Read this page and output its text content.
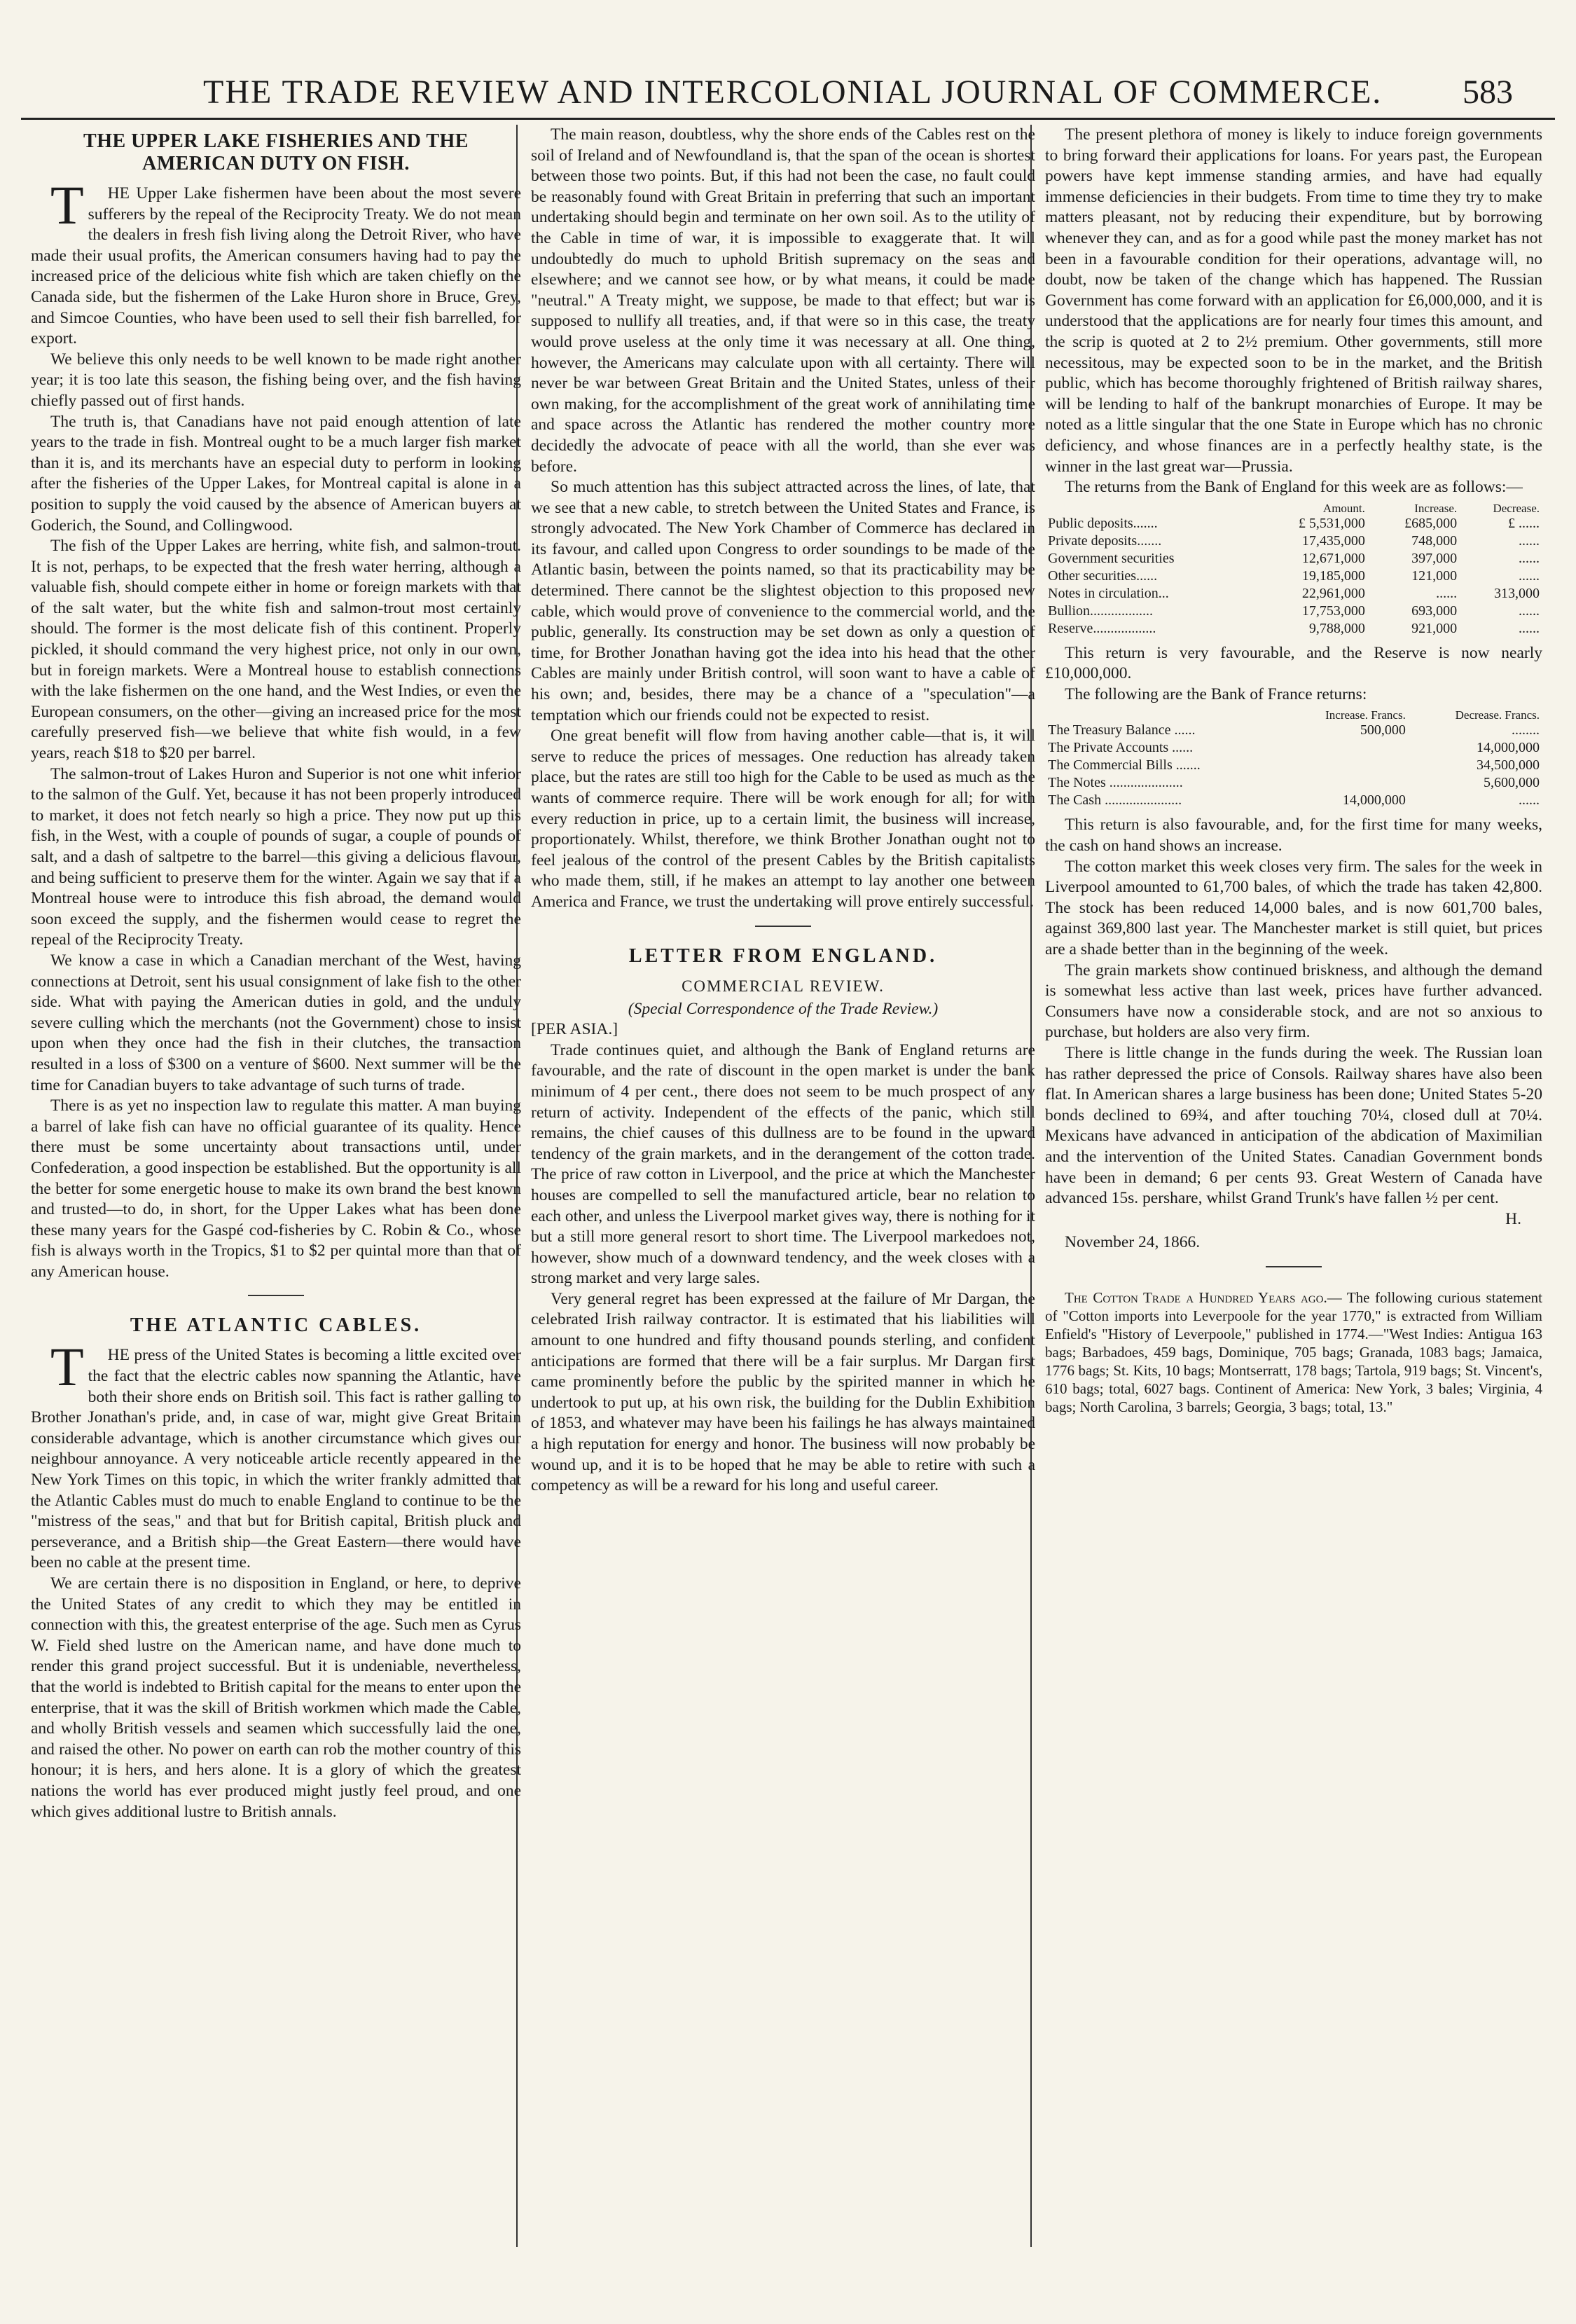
THE TRADE REVIEW AND INTERCOLONIAL JOURNAL OF COMMERCE. 583
THE UPPER LAKE FISHERIES AND THE AMERICAN DUTY ON FISH.

THE Upper Lake fishermen have been about the most severe sufferers by the repeal of the Reciprocity Treaty. We do not mean the dealers in fresh fish living along the Detroit River, who have made their usual profits, the American consumers having had to pay the increased price of the delicious white fish which are taken chiefly on the Canada side, but the fishermen of the Lake Huron shore in Bruce, Grey, and Simcoe Counties, who have been used to sell their fish barrelled, for export.

We believe this only needs to be well known to be made right another year; it is too late this season, the fishing being over, and the fish having chiefly passed out of first hands.

The truth is, that Canadians have not paid enough attention of late years to the trade in fish. Montreal ought to be a much larger fish market than it is, and its merchants have an especial duty to perform in looking after the fisheries of the Upper Lakes, for Montreal capital is alone in a position to supply the void caused by the absence of American buyers at Goderich, the Sound, and Collingwood.

The fish of the Upper Lakes are herring, white fish, and salmon-trout. It is not, perhaps, to be expected that the fresh water herring, although a valuable fish, should compete either in home or foreign markets with that of the salt water, but the white fish and salmon-trout most certainly should. The former is the most delicate fish of this continent. Properly pickled, it should command the very highest price, not only in our own, but in foreign markets. Were a Montreal house to establish connections with the lake fishermen on the one hand, and the West Indies, or even the European consumers, on the other—giving an increased price for the most carefully preserved fish—we believe that white fish would, in a few years, reach $18 to $20 per barrel.

The salmon-trout of Lakes Huron and Superior is not one whit inferior to the salmon of the Gulf. Yet, because it has not been properly introduced to market, it does not fetch nearly so high a price. They now put up this fish, in the West, with a couple of pounds of sugar, a couple of pounds of salt, and a dash of saltpetre to the barrel—this giving a delicious flavour, and being sufficient to preserve them for the winter. Again we say that if a Montreal house were to introduce this fish abroad, the demand would soon exceed the supply, and the fishermen would cease to regret the repeal of the Reciprocity Treaty.

We know a case in which a Canadian merchant of the West, having connections at Detroit, sent his usual consignment of lake fish to the other side. What with paying the American duties in gold, and the unduly severe culling which the merchants (not the Government) chose to insist upon when they once had the fish in their clutches, the transaction resulted in a loss of $300 on a venture of $600. Next summer will be the time for Canadian buyers to take advantage of such turns of trade.

There is as yet no inspection law to regulate this matter. A man buying a barrel of lake fish can have no official guarantee of its quality. Hence there must be some uncertainty about transactions until, under Confederation, a good inspection be established. But the opportunity is all the better for some energetic house to make its own brand the best known and trusted—to do, in short, for the Upper Lakes what has been done these many years for the Gaspé cod-fisheries by C. Robin & Co., whose fish is always worth in the Tropics, $1 to $2 per quintal more than that of any American house.

THE ATLANTIC CABLES.

THE press of the United States is becoming a little excited over the fact that the electric cables now spanning the Atlantic, have both their shore ends on British soil. This fact is rather galling to Brother Jonathan's pride, and, in case of war, might give Great Britain considerable advantage, which is another circumstance which gives our neighbour annoyance. A very noticeable article recently appeared in the New York Times on this topic, in which the writer frankly admitted that the Atlantic Cables must do much to enable England to continue to be the "mistress of the seas," and that but for British capital, British pluck and perseverance, and a British ship—the Great Eastern—there would have been no cable at the present time.

We are certain there is no disposition in England, or here, to deprive the United States of any credit to which they may be entitled in connection with this, the greatest enterprise of the age. Such men as Cyrus W. Field shed lustre on the American name, and have done much to render this grand project successful. But it is undeniable, nevertheless, that the world is indebted to British capital for the means to enter upon the enterprise, that it was the skill of British workmen which made the Cable, and wholly British vessels and seamen which successfully laid the one, and raised the other. No power on earth can rob the mother country of this honour; it is hers, and hers alone. It is a glory of which the greatest nations the world has ever produced might justly feel proud, and one which gives additional lustre to British annals.

The main reason, doubtless, why the shore ends of the Cables rest on the soil of Ireland and of Newfoundland is, that the span of the ocean is shortest between those two points. But, if this had not been the case, no fault could be reasonably found with Great Britain in preferring that such an important undertaking should begin and terminate on her own soil. As to the utility of the Cable in time of war, it is impossible to exaggerate that. It will undoubtedly do much to uphold British supremacy on the seas and elsewhere; and we cannot see how, or by what means, it could be made "neutral." A Treaty might, we suppose, be made to that effect; but war is supposed to nullify all treaties, and, if that were so in this case, the treaty would prove useless at the only time it was necessary at all. One thing, however, the Americans may calculate upon with all certainty. There will never be war between Great Britain and the United States, unless of their own making, for the accomplishment of the great work of annihilating time and space across the Atlantic has rendered the mother country more decidedly the advocate of peace with all the world, than she ever was before.

So much attention has this subject attracted across the lines, of late, that we see that a new cable, to stretch between the United States and France, is strongly advocated. The New York Chamber of Commerce has declared in its favour, and called upon Congress to order soundings to be made of the Atlantic basin, between the points named, so that its practicability may be determined. There cannot be the slightest objection to this proposed new cable, which would prove of convenience to the commercial world, and the public, generally. Its construction may be set down as only a question of time, for Brother Jonathan having got the idea into his head that the other Cables are mainly under British control, will soon want to have a cable of his own; and, besides, there may be a chance of a "speculation"—a temptation which our friends could not be expected to resist.

One great benefit will flow from having another cable—that is, it will serve to reduce the prices of messages. One reduction has already taken place, but the rates are still too high for the Cable to be used as much as the wants of commerce require. There will be work enough for all; for with every reduction in price, up to a certain limit, the business will increase, proportionately. Whilst, therefore, we think Brother Jonathan ought not to feel jealous of the control of the present Cables by the British capitalists who made them, still, if he makes an attempt to lay another one between America and France, we trust the undertaking will prove entirely successful.

LETTER FROM ENGLAND.
COMMERCIAL REVIEW.

(Special Correspondence of the Trade Review.)

[PER ASIA.]

Trade continues quiet, and although the Bank of England returns are favourable, and the rate of discount in the open market is under the bank minimum of 4 per cent., there does not seem to be much prospect of any return of activity. Independent of the effects of the panic, which still remains, the chief causes of this dullness are to be found in the upward tendency of the grain markets, and in the derangement of the cotton trade. The price of raw cotton in Liverpool, and the price at which the Manchester houses are compelled to sell the manufactured article, bear no relation to each other, and unless the Liverpool market gives way, there is nothing for it but a still more general resort to short time. The Liverpool markedoes not, however, show much of a downward tendency, and the week closes with a strong market and very large sales.

Very general regret has been expressed at the failure of Mr Dargan, the celebrated Irish railway contractor. It is estimated that his liabilities will amount to one hundred and fifty thousand pounds sterling, and confident anticipations are formed that there will be a fair surplus. Mr Dargan first came prominently before the public by the spirited manner in which he undertook to put up, at his own risk, the building for the Dublin Exhibition of 1853, and whatever may have been his failings he has always maintained a high reputation for energy and honor. The business will now probably be wound up, and it is to be hoped that he may be able to retire with such a competency as will be a reward for his long and useful career.

The present plethora of money is likely to induce foreign governments to bring forward their applications for loans. For years past, the European powers have kept immense standing armies, and have had equally immense deficiencies in their budgets. From time to time they try to make matters pleasant, not by reducing their expenditure, but by borrowing whenever they can, and as for a good while past the money market has not been in a favourable condition for their operations, advantage will, no doubt, now be taken of the change which has happened. The Russian Government has come forward with an application for £6,000,000, and it is understood that the applications are for nearly four times this amount, and the scrip is quoted at 2 to 2½ premium. Other governments, still more necessitous, may be expected soon to be in the market, and the British public, which has become thoroughly frightened of British railway shares, will be lending to half of the bankrupt monarchies of Europe. It may be noted as a little singular that the one State in Europe which has no chronic deficiency, and whose finances are in a perfectly healthy state, is the winner in the last great war—Prussia.

The returns from the Bank of England for this week are as follows:—

	Amount.	Increase.	Decrease.
Public deposits.......	£ 5,531,000	£685,000	£ ......
Private deposits.......	17,435,000	748,000	......
Government securities	12,671,000	397,000	......
Other securities......	19,185,000	121,000	......
Notes in circulation...	22,961,000	......	313,000
Bullion..................	17,753,000	693,000	......
Reserve..................	9,788,000	921,000	......

This return is very favourable, and the Reserve is now nearly £10,000,000.

The following are the Bank of France returns:

	Increase. Francs.	Decrease. Francs.
The Treasury Balance ......	500,000	........
The Private Accounts ......		14,000,000
The Commercial Bills .......		34,500,000
The Notes .....................		5,600,000
The Cash ......................	14,000,000	......

This return is also favourable, and, for the first time for many weeks, the cash on hand shows an increase.

The cotton market this week closes very firm. The sales for the week in Liverpool amounted to 61,700 bales, of which the trade has taken 42,800. The stock has been reduced 14,000 bales, and is now 601,700 bales, against 369,800 last year. The Manchester market is still quiet, but prices are a shade better than in the beginning of the week.

The grain markets show continued briskness, and although the demand is somewhat less active than last week, prices have further advanced. Consumers have now a considerable stock, and are not so anxious to purchase, but holders are also very firm.

There is little change in the funds during the week. The Russian loan has rather depressed the price of Consols. Railway shares have also been flat. In American shares a large business has been done; United States 5-20 bonds declined to 69¾, and after touching 70¼, closed dull at 70¼. Mexicans have advanced in anticipation of the abdication of Maximilian and the intervention of the United States. Canadian Government bonds have been in demand; 6 per cents 93. Great Western of Canada have advanced 15s. pershare, whilst Grand Trunk's have fallen ½ per cent.

H.

November 24, 1866.

The Cotton Trade a Hundred Years ago.— The following curious statement of "Cotton imports into Leverpoole for the year 1770," is extracted from William Enfield's "History of Leverpoole," published in 1774.—"West Indies: Antigua 163 bags; Barbadoes, 459 bags, Dominique, 705 bags; Granada, 1083 bags; Jamaica, 1776 bags; St. Kits, 10 bags; Montserratt, 178 bags; Tartola, 919 bags; St. Vincent's, 610 bags; total, 6027 bags. Continent of America: New York, 3 bales; Virginia, 4 bags; North Carolina, 3 barrels; Georgia, 3 bags; total, 13."
